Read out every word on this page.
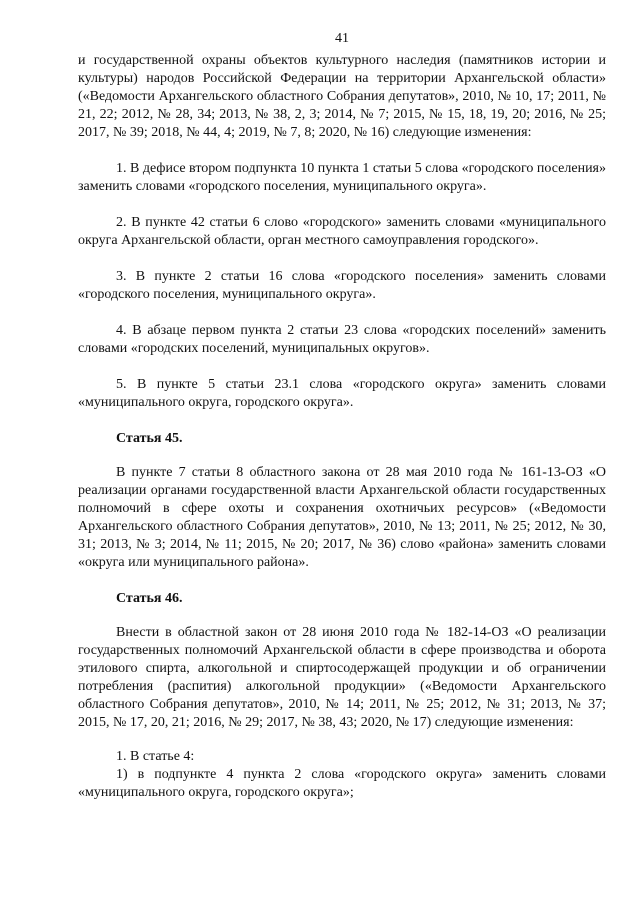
41

и государственной охраны объектов культурного наследия (памятников истории и культуры) народов Российской Федерации на территории Архангельской области» («Ведомости Архангельского областного Собрания депутатов», 2010, № 10, 17; 2011, № 21, 22; 2012, № 28, 34; 2013, № 38, 2, 3; 2014, № 7; 2015, № 15, 18, 19, 20; 2016, № 25; 2017, № 39; 2018, № 44, 4; 2019, № 7, 8; 2020, № 16) следующие изменения:

1. В дефисе втором подпункта 10 пункта 1 статьи 5 слова «городского поселения» заменить словами «городского поселения, муниципального округа».

2. В пункте 42 статьи 6 слово «городского» заменить словами «муниципального округа Архангельской области, орган местного самоуправления городского».

3. В пункте 2 статьи 16 слова «городского поселения» заменить словами «городского поселения, муниципального округа».

4. В абзаце первом пункта 2 статьи 23 слова «городских поселений» заменить словами «городских поселений, муниципальных округов».

5. В пункте 5 статьи 23.1 слова «городского округа» заменить словами «муниципального округа, городского округа».

Статья 45.

В пункте 7 статьи 8 областного закона от 28 мая 2010 года № 161-13-ОЗ «О реализации органами государственной власти Архангельской области государственных полномочий в сфере охоты и сохранения охотничьих ресурсов» («Ведомости Архангельского областного Собрания депутатов», 2010, № 13; 2011, № 25; 2012, № 30, 31; 2013, № 3; 2014, № 11; 2015, № 20; 2017, № 36) слово «района» заменить словами «округа или муниципального района».

Статья 46.

Внести в областной закон от 28 июня 2010 года № 182-14-ОЗ «О реализации государственных полномочий Архангельской области в сфере производства и оборота этилового спирта, алкогольной и спиртосодержащей продукции и об ограничении потребления (распития) алкогольной продукции» («Ведомости Архангельского областного Собрания депутатов», 2010, № 14; 2011, № 25; 2012, № 31; 2013, № 37; 2015, № 17, 20, 21; 2016, № 29; 2017, № 38, 43; 2020, № 17) следующие изменения:

1. В статье 4:

1) в подпункте 4 пункта 2 слова «городского округа» заменить словами «муниципального округа, городского округа»;
